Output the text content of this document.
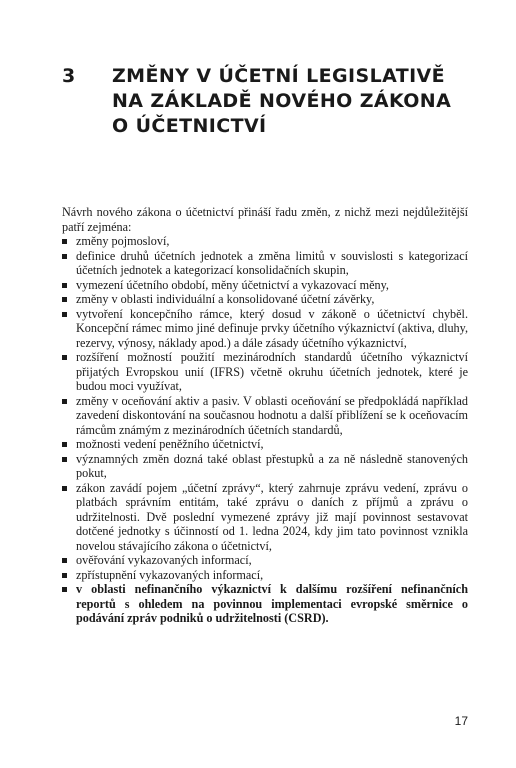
3 ZMĚNY V ÚČETNÍ LEGISLATIVĚ
NA ZÁKLADĚ NOVÉHO ZÁKONA
O ÚČETNICTVÍ

Návrh nového zákona o účetnictví přináší řadu změn, z nichž mezi nejdůležitější patří zejména:

změny pojmosloví,
definice druhů účetních jednotek a změna limitů v souvislosti s kategorizací účetních jednotek a kategorizací konsolidačních skupin,
vymezení účetního období, měny účetnictví a vykazovací měny,
změny v oblasti individuální a konsolidované účetní závěrky,
vytvoření koncepčního rámce, který dosud v zákoně o účetnictví chyběl. Koncepční rámec mimo jiné definuje prvky účetního výkaznictví (aktiva, dluhy, rezervy, výnosy, náklady apod.) a dále zásady účetního výkaznictví,
rozšíření možností použití mezinárodních standardů účetního výkaznictví přijatých Evropskou unií (IFRS) včetně okruhu účetních jednotek, které je budou moci využívat,
změny v oceňování aktiv a pasiv. V oblasti oceňování se předpokládá například zavedení diskontování na současnou hodnotu a další přiblížení se k oceňovacím rámcům známým z mezinárodních účetních standardů,
možnosti vedení peněžního účetnictví,
významných změn dozná také oblast přestupků a za ně následně stanovených pokut,
zákon zavádí pojem „účetní zprávy“, který zahrnuje zprávu vedení, zprávu o platbách správním entitám, také zprávu o daních z příjmů a zprávu o udržitelnosti. Dvě poslední vymezené zprávy již mají povinnost sestavovat dotčené jednotky s účinností od 1. ledna 2024, kdy jim tato povinnost vznikla novelou stávajícího zákona o účetnictví,
ověřování vykazovaných informací,
zpřístupnění vykazovaných informací,
v oblasti nefinančního výkaznictví k dalšímu rozšíření nefinančních reportů s ohledem na povinnou implementaci evropské směrnice o podávání zpráv podniků o udržitelnosti (CSRD).

17
